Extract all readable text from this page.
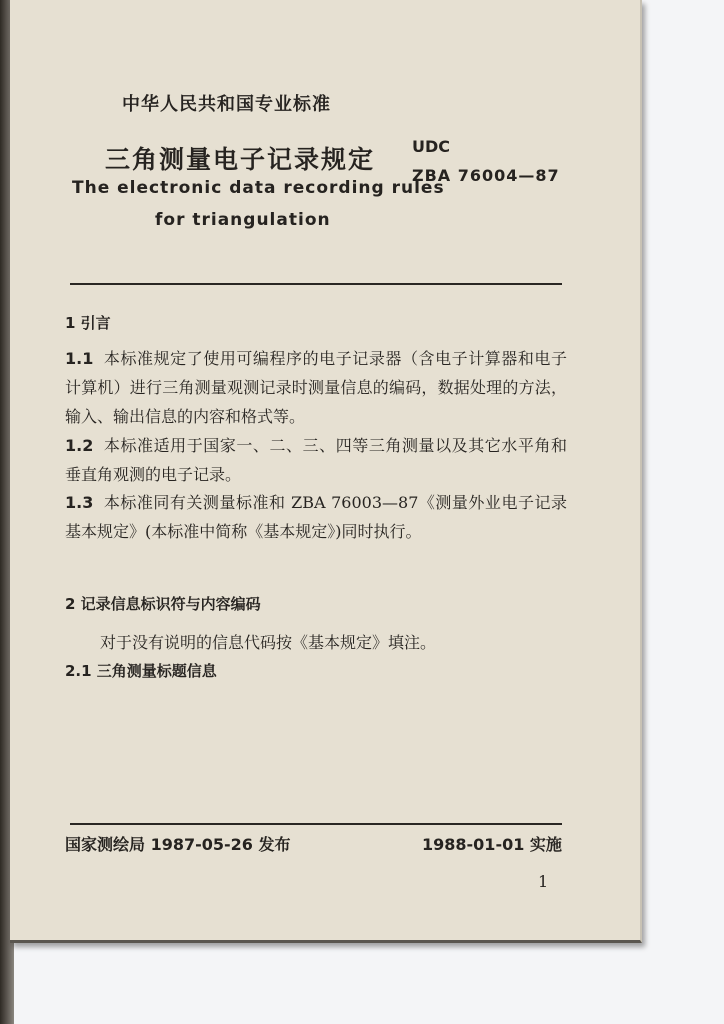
中华人民共和国专业标准
三角测量电子记录规定
The electronic data recording rules
for triangulation
UDC
ZBA 76004—87
1 引言
1.1 本标准规定了使用可编程序的电子记录器（含电子计算器和电子计算机）进行三角测量观测记录时测量信息的编码，数据处理的方法，输入、输出信息的内容和格式等。
1.2 本标准适用于国家一、二、三、四等三角测量以及其它水平角和垂直角观测的电子记录。
1.3 本标准同有关测量标准和 ZBA 76003—87《测量外业电子记录基本规定》(本标准中简称《基本规定》)同时执行。
2 记录信息标识符与内容编码
对于没有说明的信息代码按《基本规定》填注。
2.1 三角测量标题信息
国家测绘局 1987-05-26 发布	1988-01-01 实施
1
